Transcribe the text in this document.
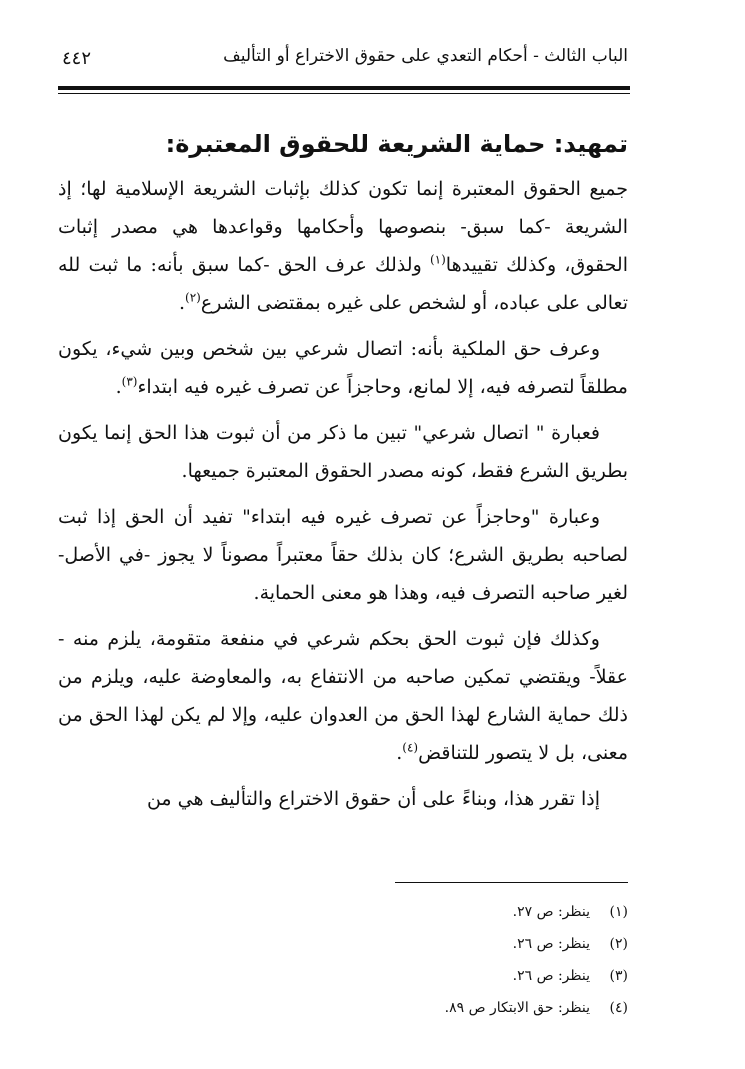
الباب الثالث - أحكام التعدي على حقوق الاختراع أو التأليف
٤٤٢
تمهيد: حماية الشريعة للحقوق المعتبرة:

جميع الحقوق المعتبرة إنما تكون كذلك بإثبات الشريعة الإسلامية لها؛ إذ الشريعة -كما سبق- بنصوصها وأحكامها وقواعدها هي مصدر إثبات الحقوق، وكذلك تقييدها$^{(١)}$ ولذلك عرف الحق -كما سبق بأنه: ما ثبت لله تعالى على عباده، أو لشخص على غيره بمقتضى الشرع$^{(٢)}$.

وعرف حق الملكية بأنه: اتصال شرعي بين شخص وبين شيء، يكون مطلقاً لتصرفه فيه، إلا لمانع، وحاجزاً عن تصرف غيره فيه ابتداء$^{(٣)}$.

فعبارة " اتصال شرعي" تبين ما ذكر من أن ثبوت هذا الحق إنما يكون بطريق الشرع فقط، كونه مصدر الحقوق المعتبرة جميعها.

وعبارة "وحاجزاً عن تصرف غيره فيه ابتداء" تفيد أن الحق إذا ثبت لصاحبه بطريق الشرع؛ كان بذلك حقاً معتبراً مصوناً لا يجوز -في الأصل- لغير صاحبه التصرف فيه، وهذا هو معنى الحماية.

وكذلك فإن ثبوت الحق بحكم شرعي في منفعة متقومة، يلزم منه - عقلاً- ويقتضي تمكين صاحبه من الانتفاع به، والمعاوضة عليه، ويلزم من ذلك حماية الشارع لهذا الحق من العدوان عليه، وإلا لم يكن لهذا الحق من معنى، بل لا يتصور للتناقض$^{(٤)}$.

إذا تقرر هذا، وبناءً على أن حقوق الاختراع والتأليف هي من

(١)ينظر: ص ٢٧.
(٢)ينظر: ص ٢٦.
(٣)ينظر: ص ٢٦.
(٤)ينظر: حق الابتكار ص ٨٩.
